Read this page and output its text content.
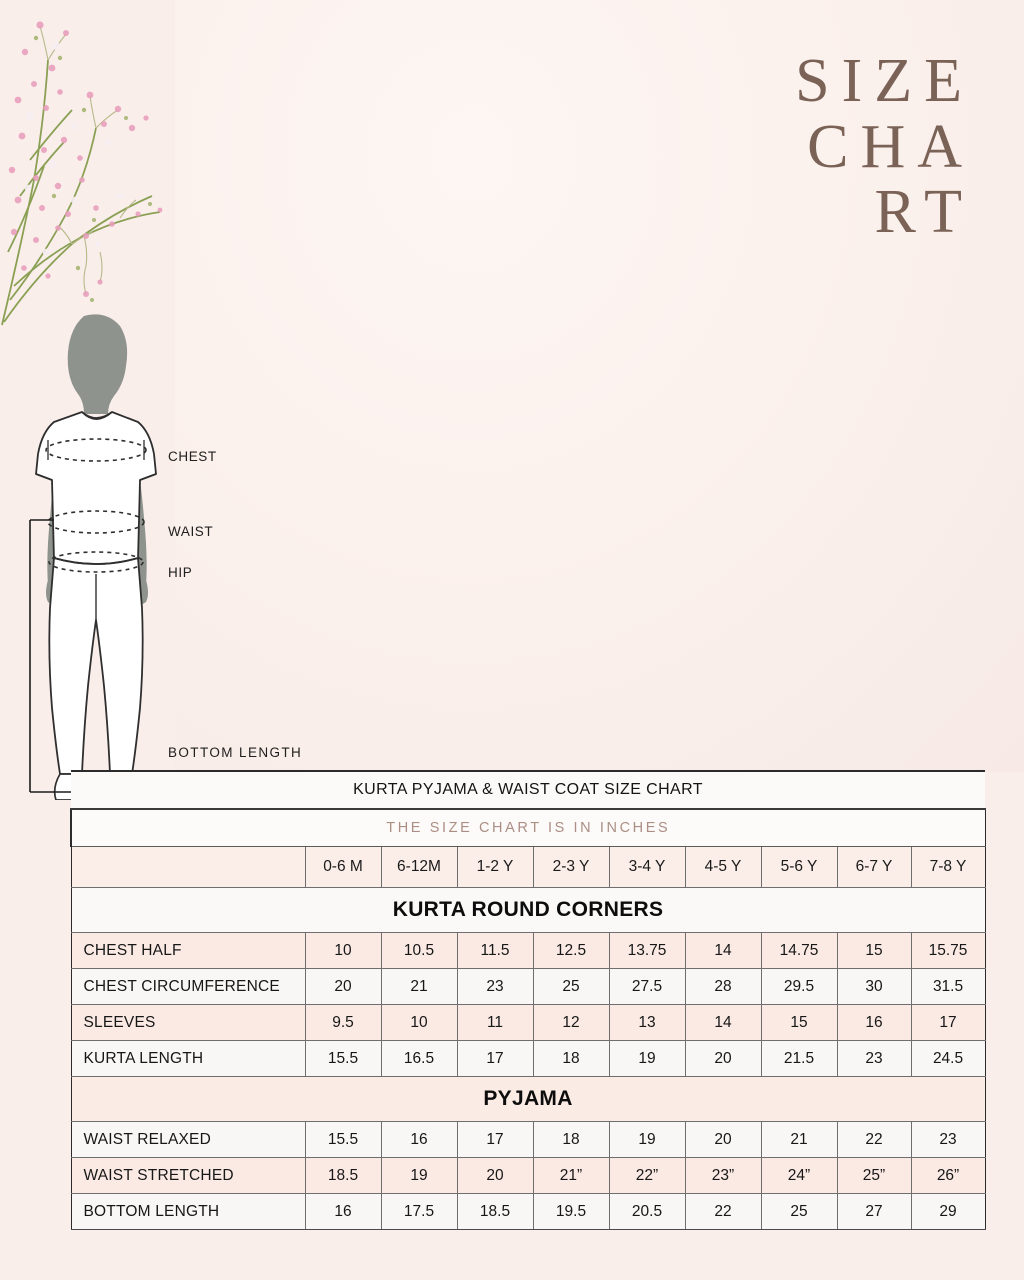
CHEST
WAIST
HIP
BOTTOM LENGTH
SIZE
CHA
RT
KURTA PYJAMA & WAIST COAT SIZE CHART									
THE SIZE CHART IS IN INCHES									
	0-6 M	6-12M	1-2 Y	2-3 Y	3-4 Y	4-5 Y	5-6 Y	6-7 Y	7-8 Y
KURTA ROUND CORNERS									
CHEST HALF	10	10.5	11.5	12.5	13.75	14	14.75	15	15.75
CHEST CIRCUMFERENCE	20	21	23	25	27.5	28	29.5	30	31.5
SLEEVES	9.5	10	11	12	13	14	15	16	17
KURTA LENGTH	15.5	16.5	17	18	19	20	21.5	23	24.5
PYJAMA									
WAIST RELAXED	15.5	16	17	18	19	20	21	22	23
WAIST STRETCHED	18.5	19	20	21”	22”	23”	24”	25”	26”
BOTTOM LENGTH	16	17.5	18.5	19.5	20.5	22	25	27	29
